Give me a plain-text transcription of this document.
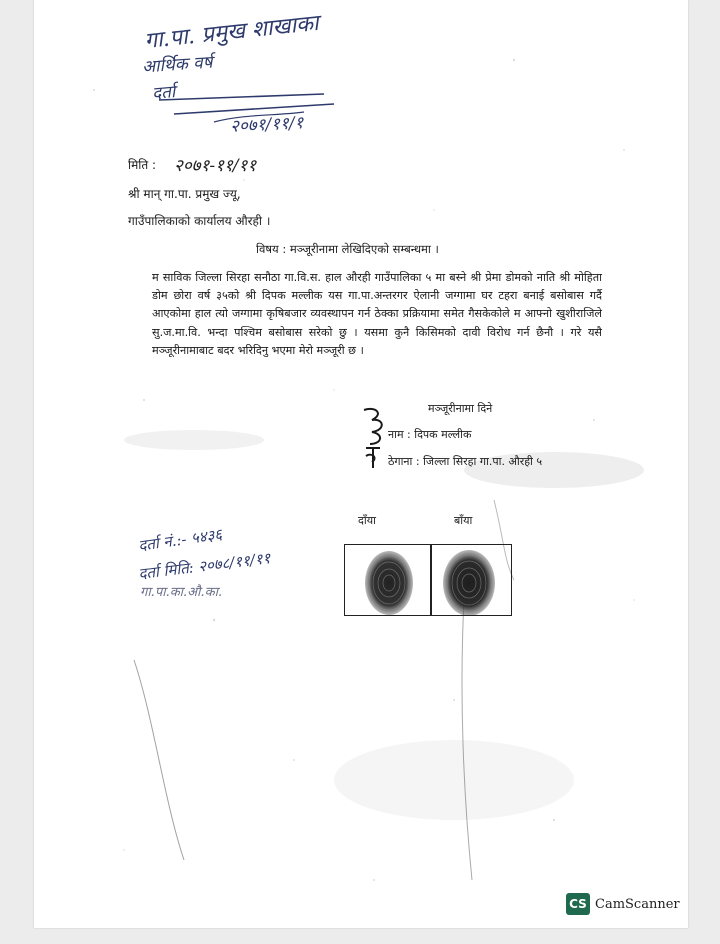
गा.पा. प्रमुख शाखाका
आर्थिक वर्ष
दर्ता
२०७१/११/१
मिति : २०७१-११/११
श्री मान् गा.पा. प्रमुख ज्यू,
गाउँपालिकाको कार्यालय औरही ।
विषय : मञ्जूरीनामा लेखिदिएको सम्बन्धमा ।
म साविक जिल्ला सिरहा सनौठा गा.वि.स. हाल औरही गाउँपालिका ५ मा बस्ने श्री प्रेमा डोमको नाति श्री मोहिता डोम छोरा वर्ष ३५को श्री दिपक मल्लीक यस गा.पा.अन्तरगर ऐलानी जग्गामा घर टहरा बनाई बसोबास गर्दै आएकोमा हाल त्यो जग्गामा कृषिबजार व्यवस्थापन गर्न ठेक्का प्रक्रियामा समेत गैसकेकोले म आफ्नो खुशीराजिले सु.ज.मा.वि. भन्दा पश्चिम बसोबास सरेको छु । यसमा कुनै किसिमको दावी विरोध गर्न छैनौ । गरे यसै मञ्जूरीनामाबाट बदर भरिदिनु भएमा मेरो मञ्जूरी छ ।
मञ्जूरीनामा दिने
नाम : दिपक मल्लीक
ठेगाना : जिल्ला सिरहा गा.पा. औरही ५
दाँया	बाँया
दर्ता नं.:- ५४३६
दर्ता मिति: २०७८/११/११
गा.पा.का.औ.का.
CS CamScanner
